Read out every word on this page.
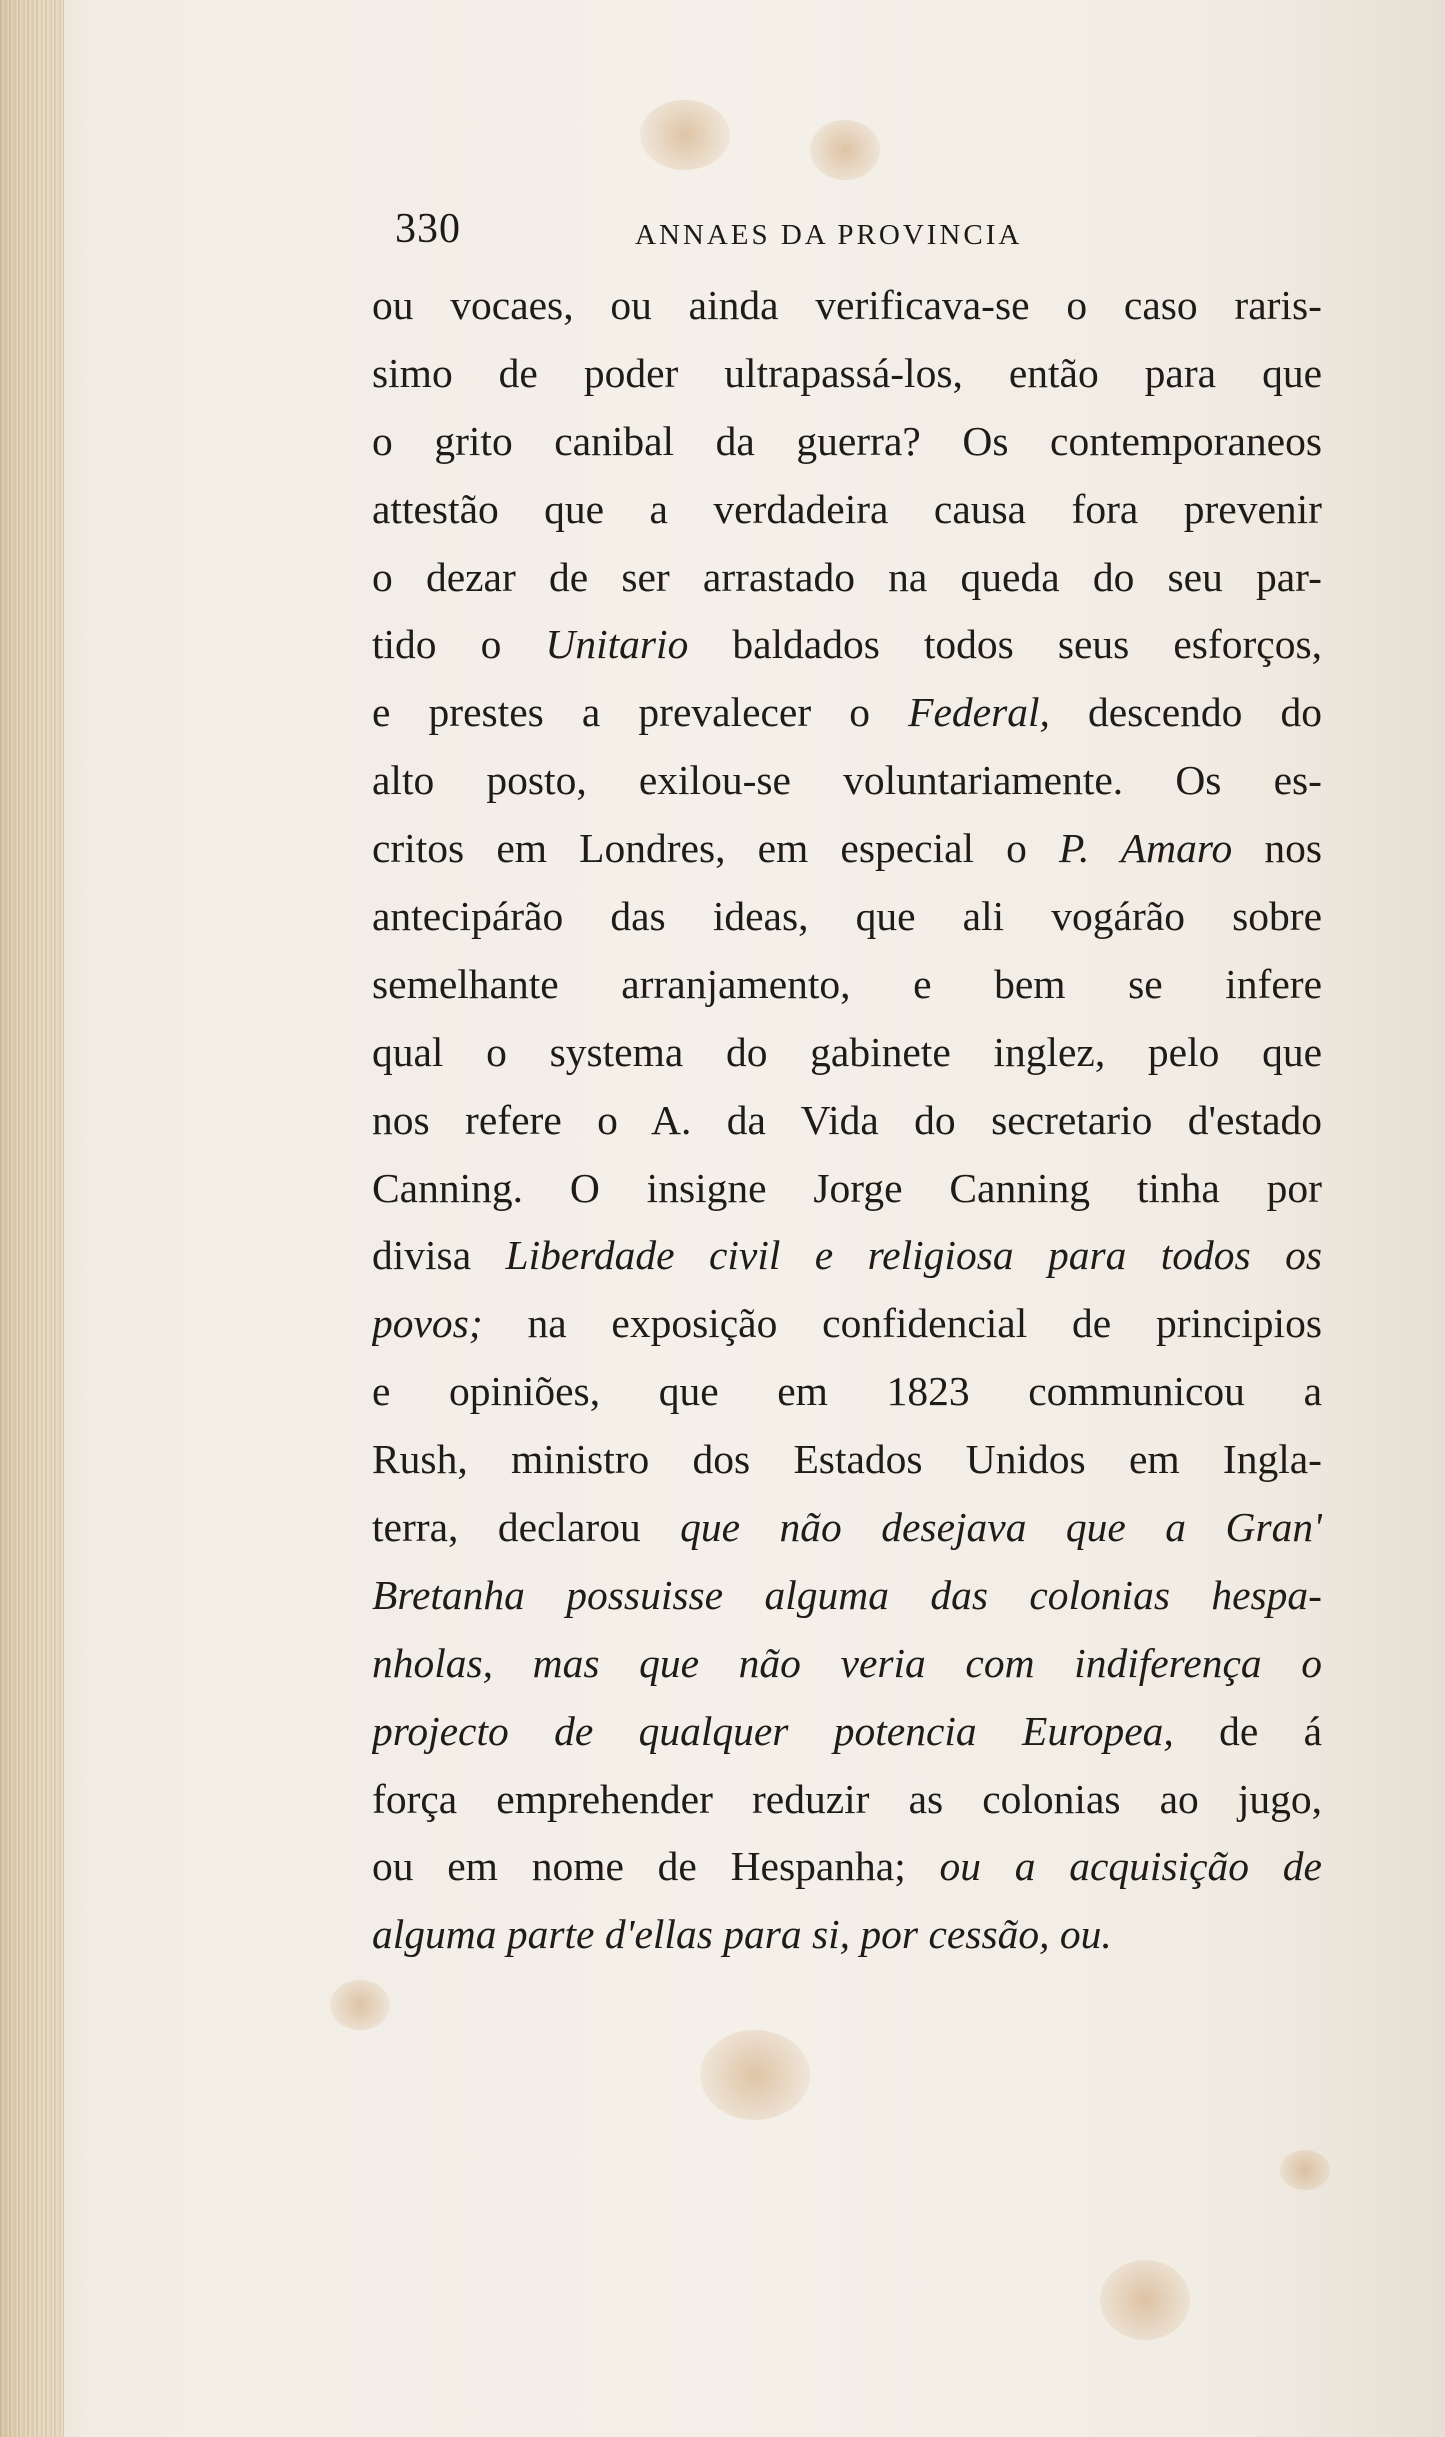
330	ANNAES DA PROVINCIA
ou vocaes, ou ainda verificava-se o caso raris-
simo de poder ultrapassá-los, então para que
o grito canibal da guerra? Os contemporaneos
attestão que a verdadeira causa fora prevenir
o dezar de ser arrastado na queda do seu par-
tido o Unitario baldados todos seus esforços,
e prestes a prevalecer o Federal, descendo do
alto posto, exilou-se voluntariamente. Os es-
critos em Londres, em especial o P. Amaro nos
antecipárão das ideas, que ali vogárão sobre
semelhante arranjamento, e bem se infere
qual o systema do gabinete inglez, pelo que
nos refere o A. da Vida do secretario d'estado
Canning. O insigne Jorge Canning tinha por
divisa Liberdade civil e religiosa para todos os
povos; na exposição confidencial de principios
e opiniões, que em 1823 communicou a
Rush, ministro dos Estados Unidos em Ingla-
terra, declarou que não desejava que a Gran'
Bretanha possuisse alguma das colonias hespa-
nholas, mas que não veria com indiferença o
projecto de qualquer potencia Europea, de á
força emprehender reduzir as colonias ao jugo,
ou em nome de Hespanha; ou a acquisição de
alguma parte d'ellas para si, por cessão, ou.
